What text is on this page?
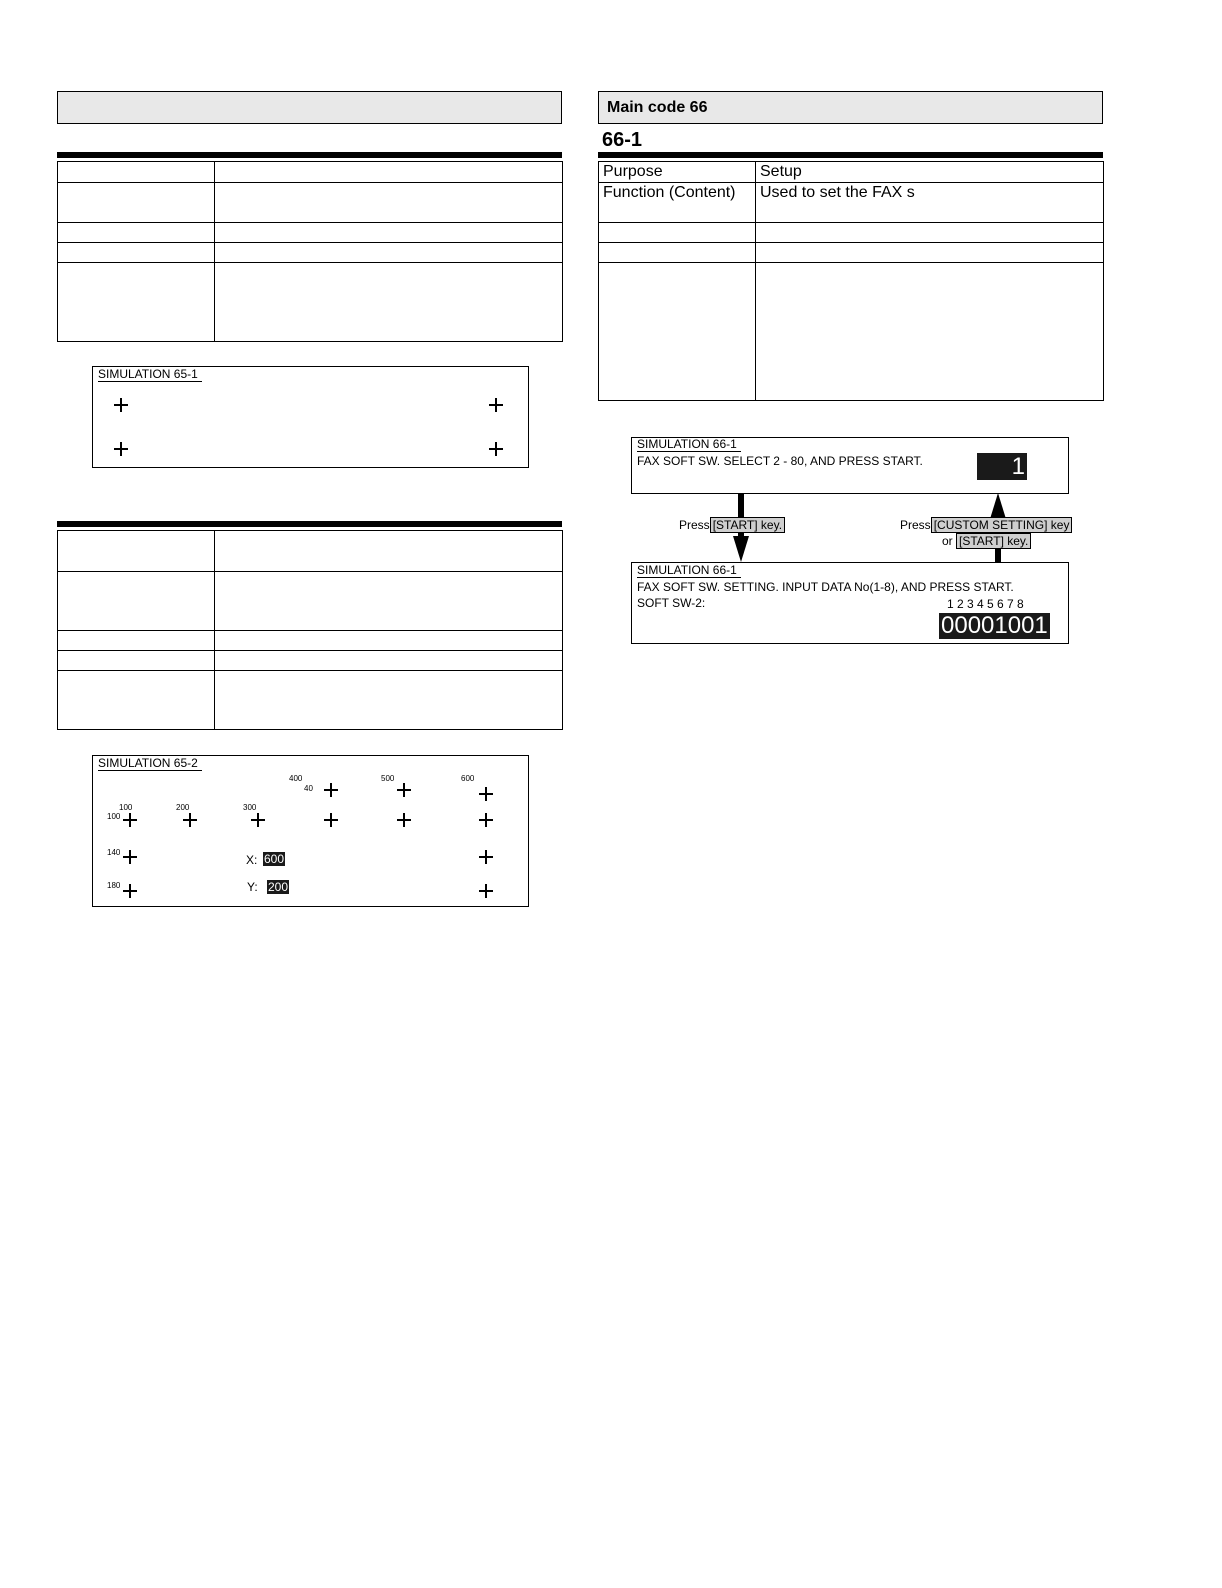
SIMULATION 65-1

SIMULATION 65-2
400	500	600
40
100	200	300
100
140
X: 600
180	Y: 200
Main code 66
66-1
Purpose	Setup
Function (Content)	Used to set the FAX s

SIMULATION 66-1
FAX SOFT SW. SELECT 2 - 80, AND PRESS START.	1
Press [START] key.	Press [CUSTOM SETTING] key
or [START] key.
SIMULATION 66-1
FAX SOFT SW. SETTING. INPUT DATA No(1-8), AND PRESS START.
SOFT SW-2:	1 2 3 4 5 6 7 8
00001001
